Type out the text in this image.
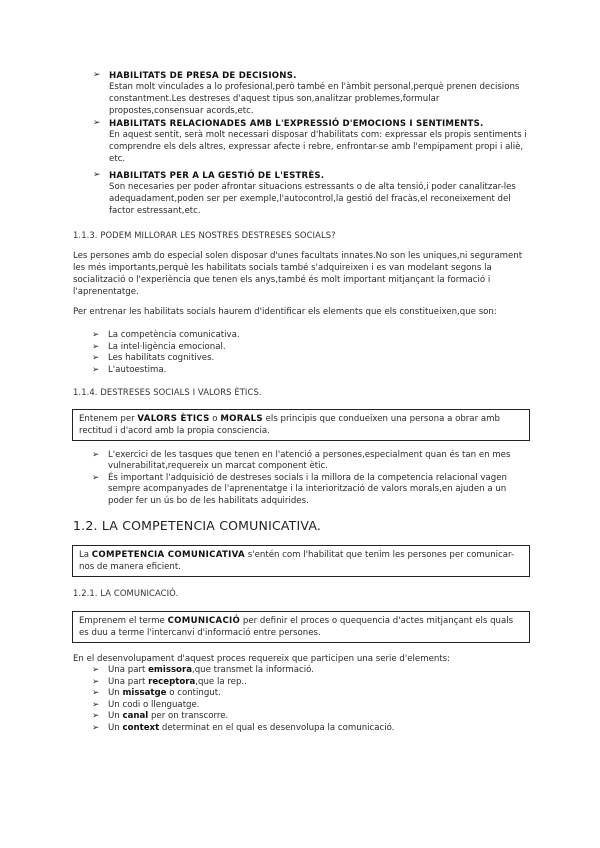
➢ HABILITATS DE PRESA DE DECISIONS.
Estan molt vinculades a lo profesional,però també en l'àmbit personal,perquè prenen decisions constantment.Les destreses d'aquest tipus son,analitzar problemes,formular propostes,consensuar acords,etc.
➢ HABILITATS RELACIONADES AMB L'EXPRESSIÓ D'EMOCIONS I SENTIMENTS.
En aquest sentit, serà molt necessari disposar d'habilitats com: expressar els propis sentiments i comprendre els dels altres, expressar afecte i rebre, enfrontar-se amb l'empipament propi i aliè, etc.
➢ HABILITATS PER A LA GESTIÓ DE L'ESTRÈS.
Son necesaries per poder afrontar situacions estressants o de alta tensió,i poder canalitzar-les adequadament,poden ser per exemple,l'autocontrol,la gestió del fracàs,el reconeixement del factor estressant,etc.
1.1.3. PODEM MILLORAR LES NOSTRES DESTRESES SOCIALS?
Les persones amb do especial solen disposar d'unes facultats innates.No son les uniques,ni segurament les més importants,perquè les habilitats socials també s'adquireixen i es van modelant segons la socialització o l'experiència que tenen els anys,també és molt important mitjançant la formació i l'aprenentatge.
Per entrenar les habilitats socials haurem d'identificar els elements que els constitueixen,que son:
➢ La competència comunicativa.
➢ La intel·ligència emocional.
➢ Les habilitats cognitives.
➢ L'autoestima.
1.1.4. DESTRESES SOCIALS I VALORS ÈTICS.
Entenem per VALORS ÈTICS o MORALS els principis que condueixen una persona a obrar amb rectitud i d'acord amb la propia consciencia.
➢ L'exercici de les tasques que tenen en l'atenció a persones,especialment quan és tan en mes vulnerabilitat,requereix un marcat component ètic.
➢ És important l'adquisició de destreses socials i la millora de la competencia relacional vagen sempre acompanyades de l'aprenentatge i la interiorització de valors morals,en ajuden a un poder fer un ús bo de les habilitats adquirides.
1.2. LA COMPETENCIA COMUNICATIVA.
La COMPETENCIA COMUNICATIVA s'entén com l'habilitat que tenim les persones per comunicar-nos de manera eficient.
1.2.1. LA COMUNICACIÓ.
Emprenem el terme COMUNICACIÓ per definir el proces o quequencia d'actes mitjançant els quals es duu a terme l'intercanvi d'informació entre persones.
En el desenvolupament d'aquest proces requereix que participen una serie d'elements:
➢ Una part emissora,que transmet la informació.
➢ Una part receptora,que la rep..
➢ Un missatge o contingut.
➢ Un codi o llenguatge.
➢ Un canal per on transcorre.
➢ Un context determinat en el qual es desenvolupa la comunicació.
